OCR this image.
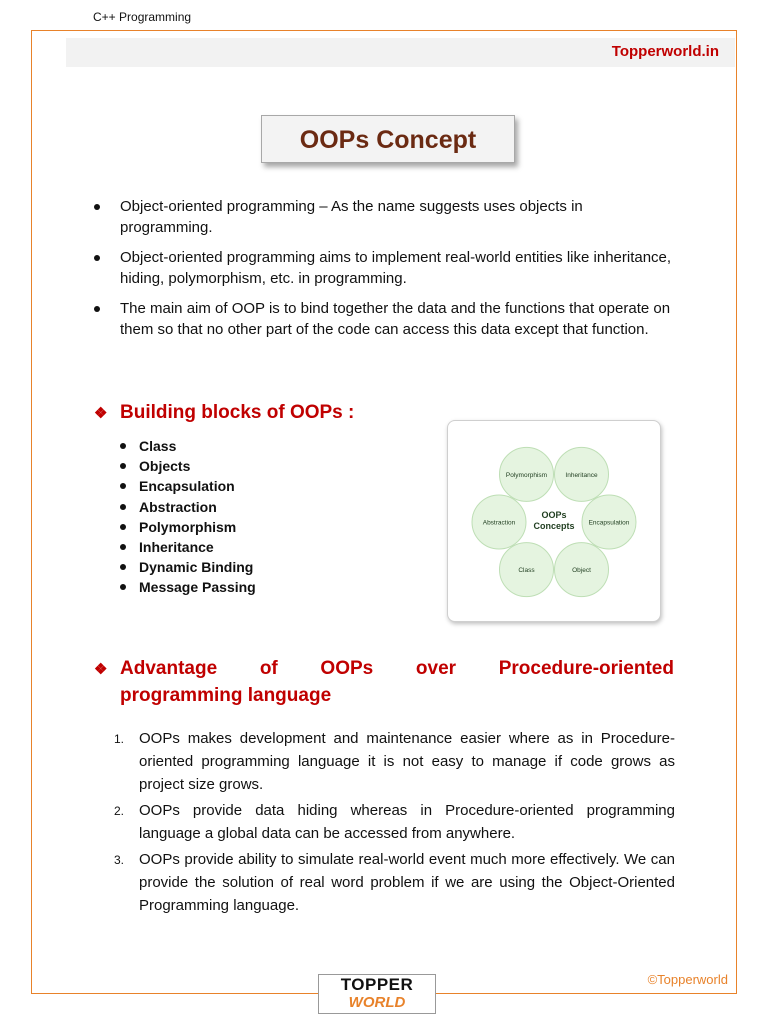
C++ Programming
Topperworld.in
OOPs Concept
Object-oriented programming – As the name suggests uses objects in programming.
Object-oriented programming aims to implement real-world entities like inheritance, hiding, polymorphism, etc. in programming.
The main aim of OOP is to bind together the data and the functions that operate on them so that no other part of the code can access this data except that function.
❖ Building blocks of OOPs :
Class
Objects
Encapsulation
Abstraction
Polymorphism
Inheritance
Dynamic Binding
Message Passing
Polymorphism	Inheritance
Encapsulation
Object
Class
Abstraction
OOPs
Concepts
❖ Advantage of OOPs over Procedure-oriented
programming language
1. OOPs makes development and maintenance easier where as in Procedure-oriented programming language it is not easy to manage if code grows as project size grows.
2. OOPs provide data hiding whereas in Procedure-oriented programming language a global data can be accessed from anywhere.
3. OOPs provide ability to simulate real-world event much more effectively. We can provide the solution of real word problem if we are using the Object-Oriented Programming language.
©Topperworld
TOPPER
WORLD
